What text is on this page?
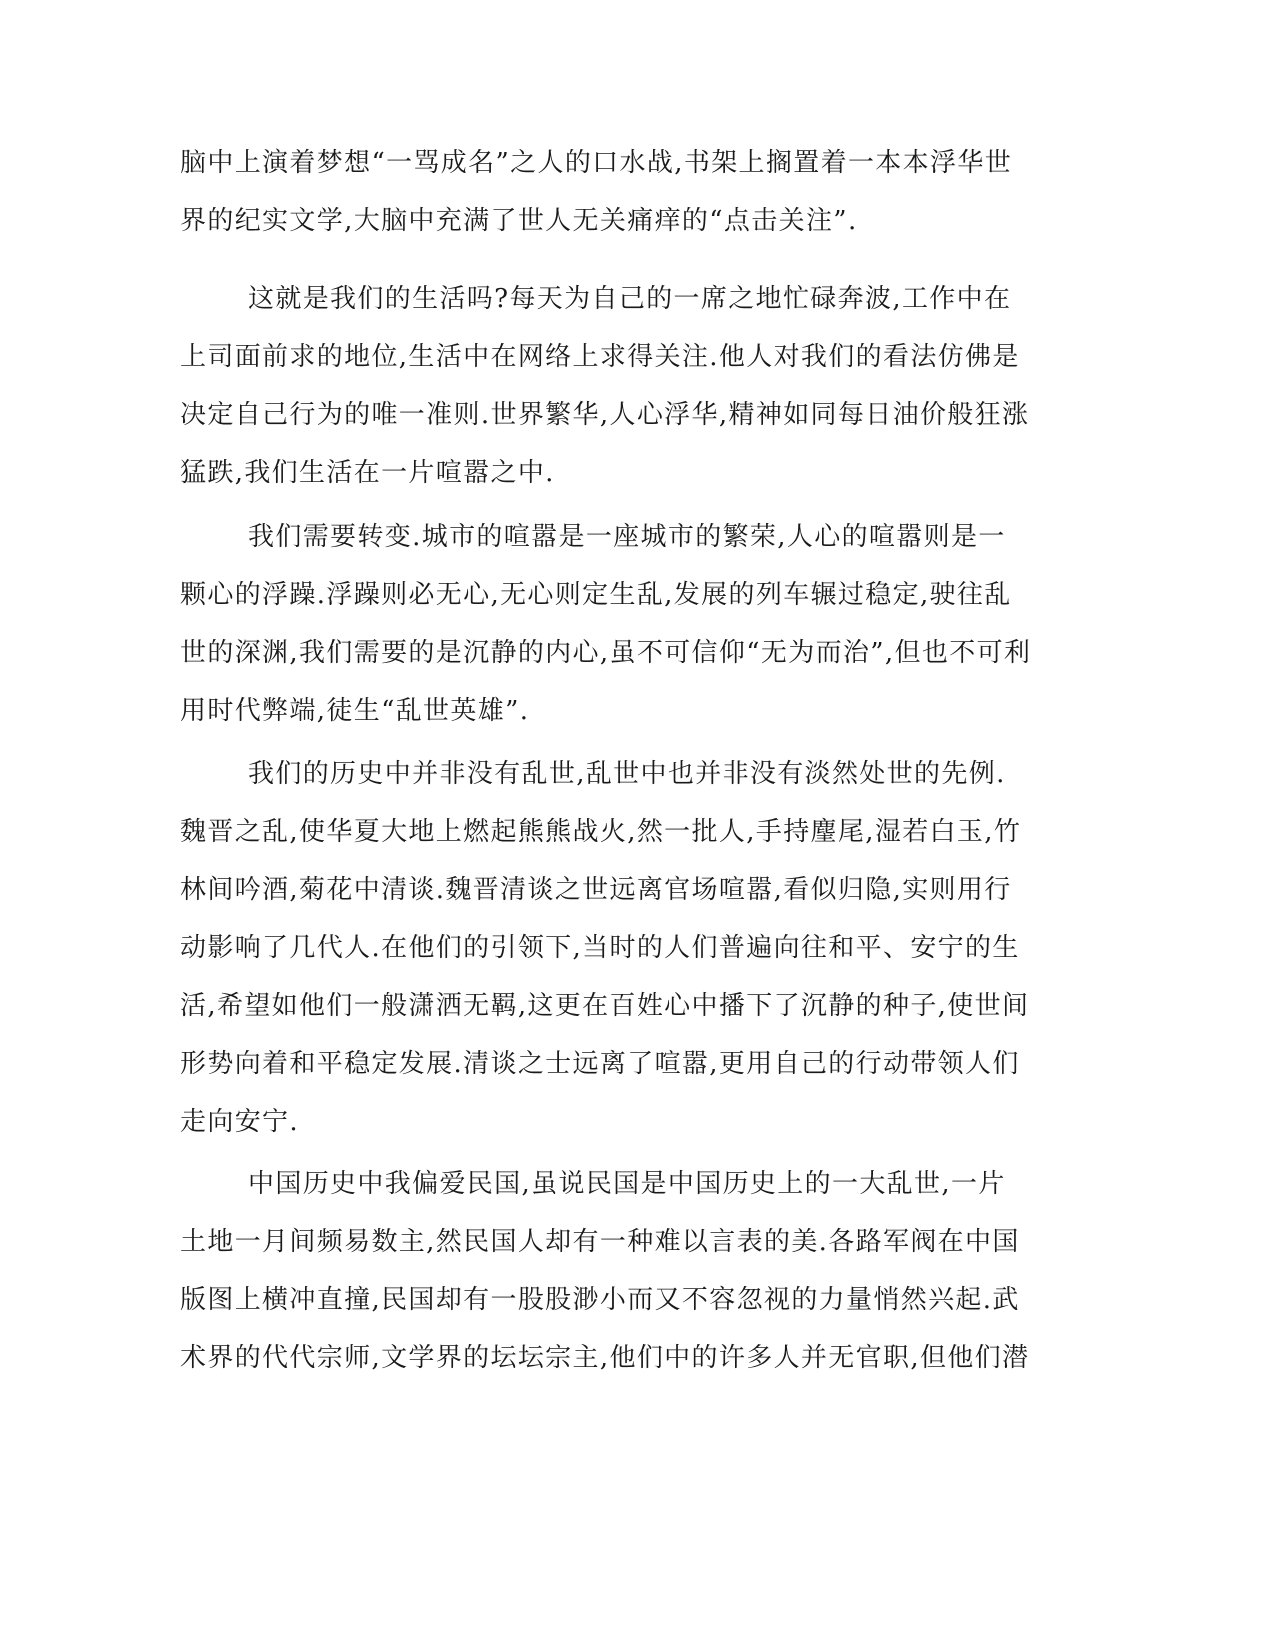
脑中上演着梦想“一骂成名”之人的口水战,书架上搁置着一本本浮华世
界的纪实文学,大脑中充满了世人无关痛痒的“点击关注”.
这就是我们的生活吗?每天为自己的一席之地忙碌奔波,工作中在
上司面前求的地位,生活中在网络上求得关注.他人对我们的看法仿佛是
决定自己行为的唯一准则.世界繁华,人心浮华,精神如同每日油价般狂涨
猛跌,我们生活在一片喧嚣之中.
我们需要转变.城市的喧嚣是一座城市的繁荣,人心的喧嚣则是一
颗心的浮躁.浮躁则必无心,无心则定生乱,发展的列车辗过稳定,驶往乱
世的深渊,我们需要的是沉静的内心,虽不可信仰“无为而治”,但也不可利
用时代弊端,徒生“乱世英雄”.
我们的历史中并非没有乱世,乱世中也并非没有淡然处世的先例.
魏晋之乱,使华夏大地上燃起熊熊战火,然一批人,手持麈尾,湿若白玉,竹
林间吟酒,菊花中清谈.魏晋清谈之世远离官场喧嚣,看似归隐,实则用行
动影响了几代人.在他们的引领下,当时的人们普遍向往和平、安宁的生
活,希望如他们一般潇洒无羁,这更在百姓心中播下了沉静的种子,使世间
形势向着和平稳定发展.清谈之士远离了喧嚣,更用自己的行动带领人们
走向安宁.
中国历史中我偏爱民国,虽说民国是中国历史上的一大乱世,一片
土地一月间频易数主,然民国人却有一种难以言表的美.各路军阀在中国
版图上横冲直撞,民国却有一股股渺小而又不容忽视的力量悄然兴起.武
术界的代代宗师,文学界的坛坛宗主,他们中的许多人并无官职,但他们潜
